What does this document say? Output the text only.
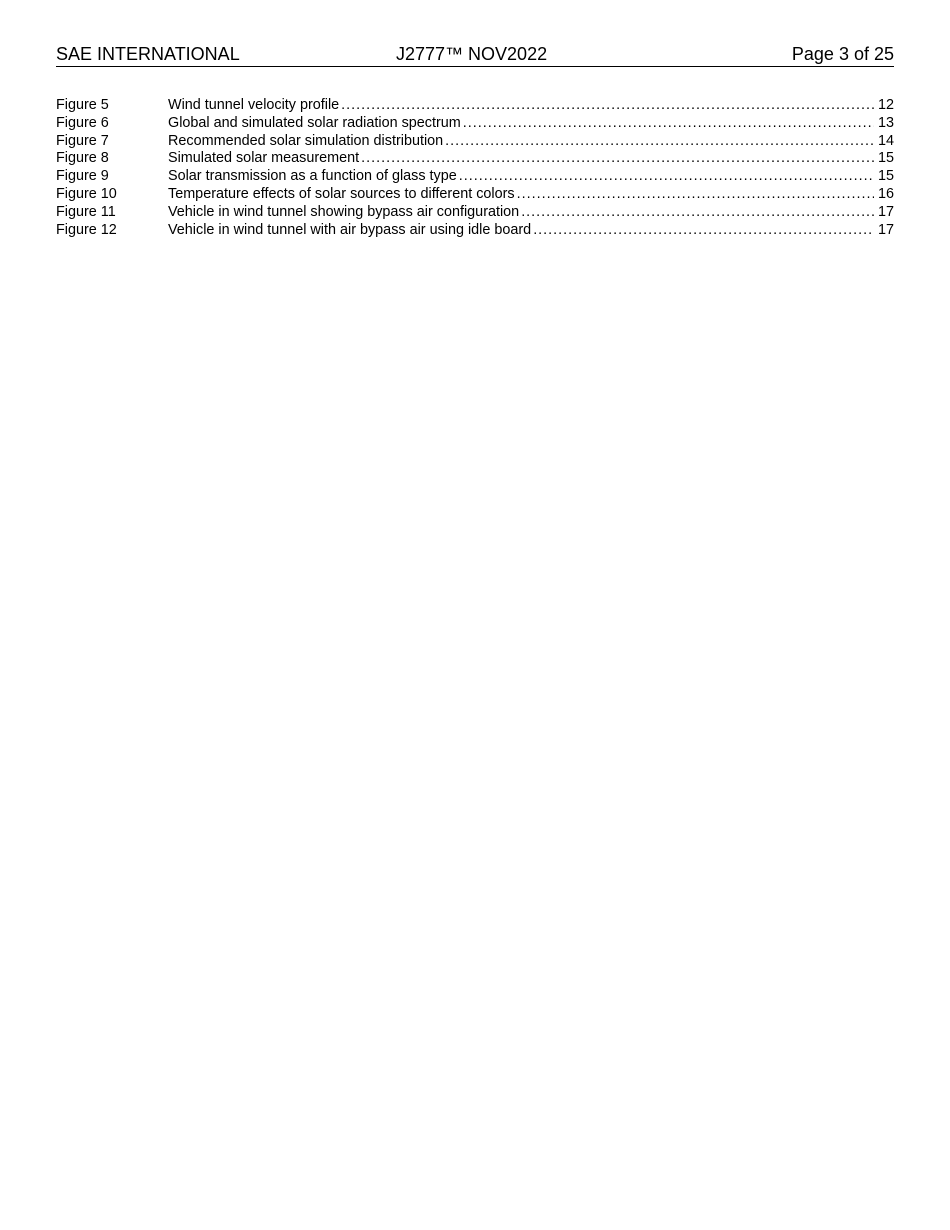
SAE INTERNATIONAL	J2777™ NOV2022	Page 3 of 25
Figure 5	Wind tunnel velocity profile .....	12
Figure 6	Global and simulated solar radiation spectrum .....	13
Figure 7	Recommended solar simulation distribution .....	14
Figure 8	Simulated solar measurement .....	15
Figure 9	Solar transmission as a function of glass type .....	15
Figure 10	Temperature effects of solar sources to different colors .....	16
Figure 11	Vehicle in wind tunnel showing bypass air configuration .....	17
Figure 12	Vehicle in wind tunnel with air bypass air using idle board .....	17
